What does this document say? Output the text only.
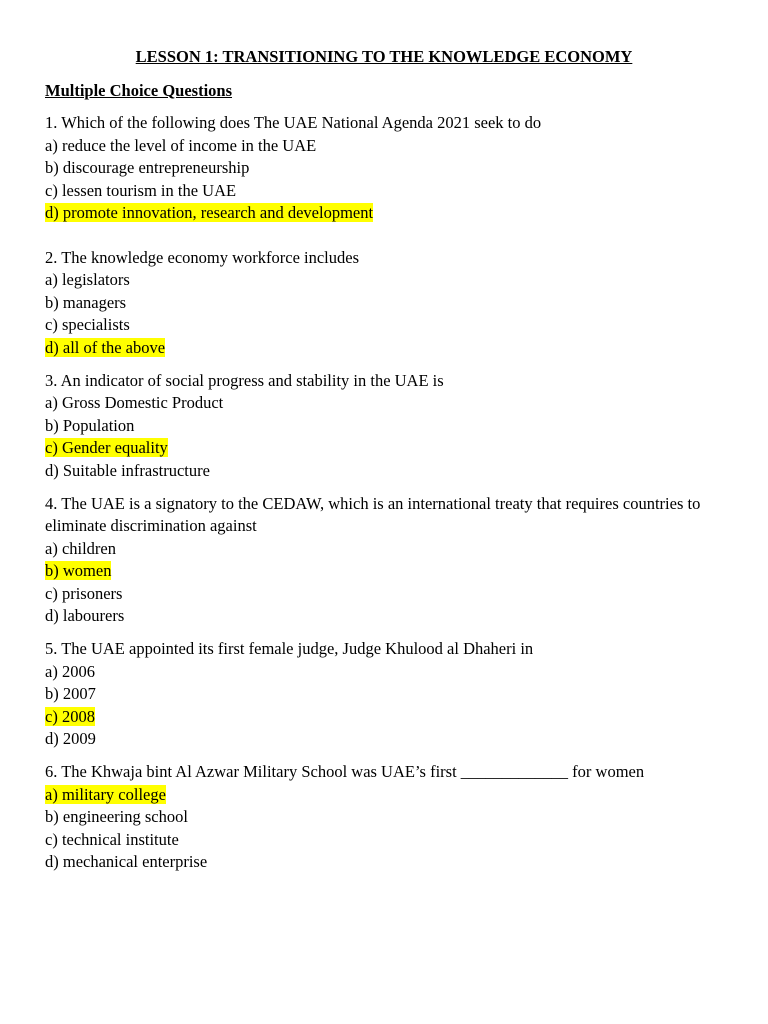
LESSON 1: TRANSITIONING TO THE KNOWLEDGE ECONOMY
Multiple Choice Questions
1. Which of the following does The UAE National Agenda 2021 seek to do
a) reduce the level of income in the UAE
b) discourage entrepreneurship
c) lessen tourism in the UAE
d) promote innovation, research and development
2. The knowledge economy workforce includes
a) legislators
b) managers
c) specialists
d) all of the above
3. An indicator of social progress and stability in the UAE is
a) Gross Domestic Product
b) Population
c) Gender equality
d) Suitable infrastructure
4. The UAE is a signatory to the CEDAW, which is an international treaty that requires countries to eliminate discrimination against
a) children
b) women
c) prisoners
d) labourers
5. The UAE appointed its first female judge, Judge Khulood al Dhaheri in
a) 2006
b) 2007
c) 2008
d) 2009
6. The Khwaja bint Al Azwar Military School was UAE’s first _____________ for women
a) military college
b) engineering school
c) technical institute
d) mechanical enterprise
